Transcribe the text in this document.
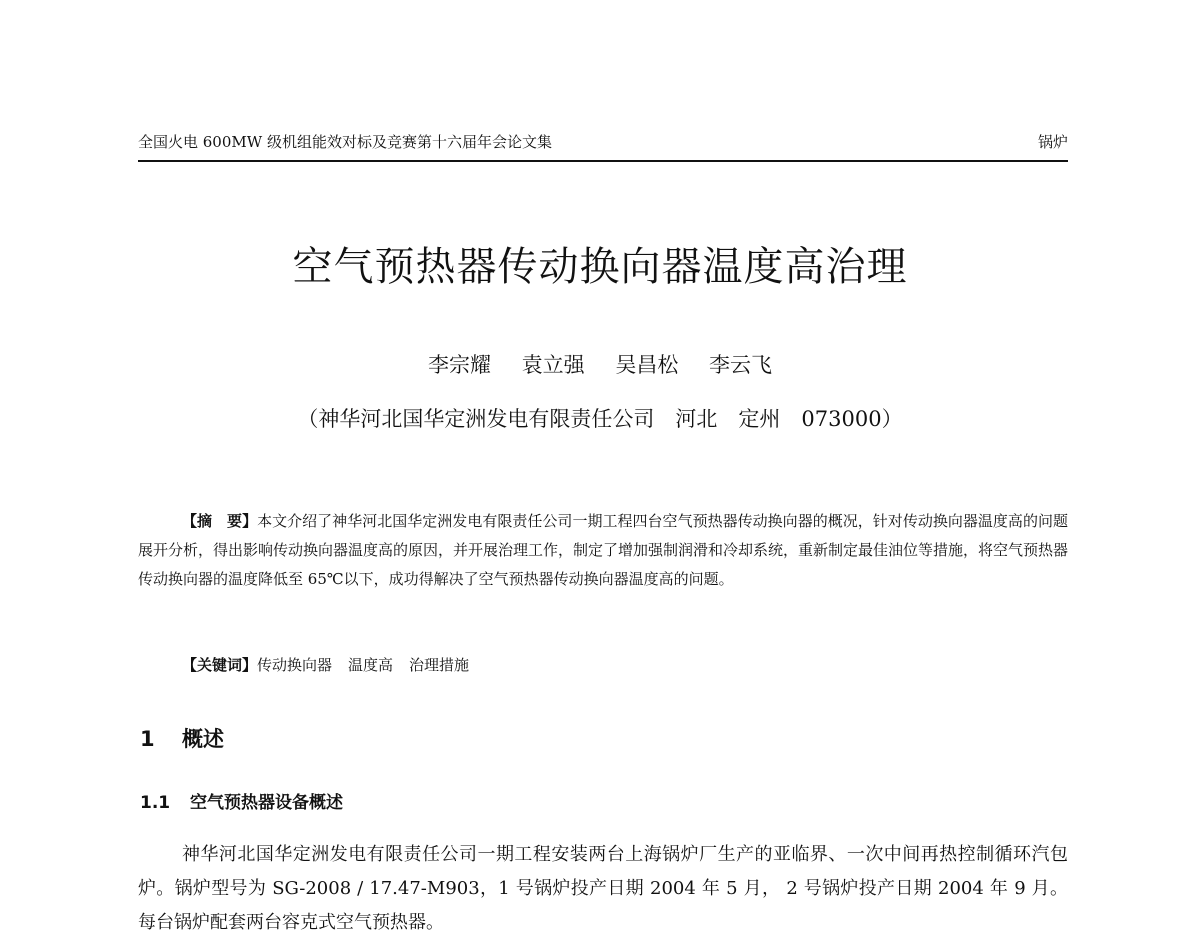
全国火电 600MW 级机组能效对标及竞赛第十六届年会论文集	锅炉
空气预热器传动换向器温度高治理
李宗耀 袁立强 吴昌松 李云飞
（神华河北国华定洲发电有限责任公司　河北　定州　073000）
【摘　要】本文介绍了神华河北国华定洲发电有限责任公司一期工程四台空气预热器传动换向器的概况，针对传动换向器温度高的问题展开分析，得出影响传动换向器温度高的原因，并开展治理工作，制定了增加强制润滑和冷却系统，重新制定最佳油位等措施，将空气预热器传动换向器的温度降低至 65℃以下，成功得解决了空气预热器传动换向器温度高的问题。
【关键词】传动换向器 温度高 治理措施
1 概述
1.1 空气预热器设备概述
神华河北国华定洲发电有限责任公司一期工程安装两台上海锅炉厂生产的亚临界、一次中间再热控制循环汽包炉。锅炉型号为 SG-2008 / 17.47-M903，1 号锅炉投产日期 2004 年 5 月， 2 号锅炉投产日期 2004 年 9 月。每台锅炉配套两台容克式空气预热器。
